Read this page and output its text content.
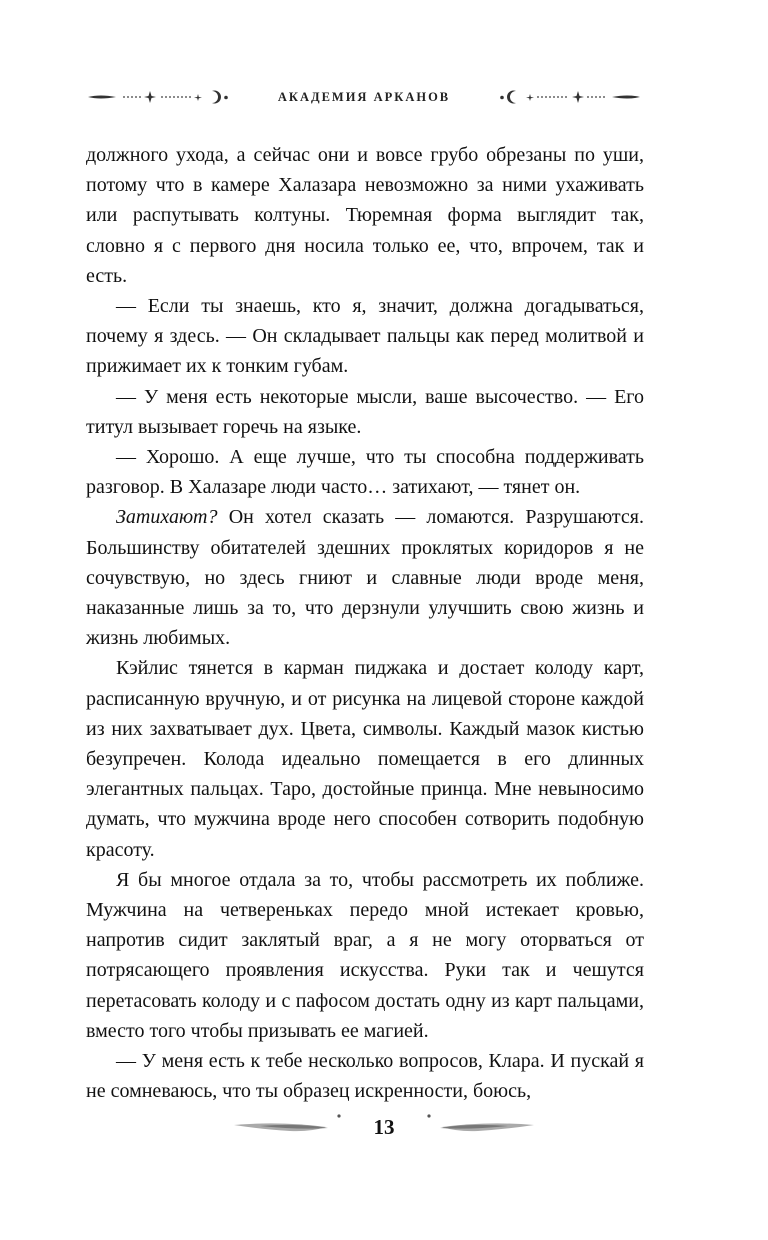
АКАДЕМИЯ АРКАНОВ

должного ухода, а сейчас они и вовсе грубо обрезаны по уши, потому что в камере Халазара невозможно за ними ухаживать или распутывать колтуны. Тюремная форма выглядит так, словно я с первого дня носила только ее, что, впрочем, так и есть.

— Если ты знаешь, кто я, значит, должна догадываться, почему я здесь. — Он складывает пальцы как перед молитвой и прижимает их к тонким губам.

— У меня есть некоторые мысли, ваше высочество. — Его титул вызывает горечь на языке.

— Хорошо. А еще лучше, что ты способна поддерживать разговор. В Халазаре люди часто… затихают, — тянет он.

Затихают? Он хотел сказать — ломаются. Разрушаются. Большинству обитателей здешних проклятых коридоров я не сочувствую, но здесь гниют и славные люди вроде меня, наказанные лишь за то, что дерзнули улучшить свою жизнь и жизнь любимых.

Кэйлис тянется в карман пиджака и достает колоду карт, расписанную вручную, и от рисунка на лицевой стороне каждой из них захватывает дух. Цвета, символы. Каждый мазок кистью безупречен. Колода идеально помещается в его длинных элегантных пальцах. Таро, достойные принца. Мне невыносимо думать, что мужчина вроде него способен сотворить подобную красоту.

Я бы многое отдала за то, чтобы рассмотреть их поближе. Мужчина на четвереньках передо мной истекает кровью, напротив сидит заклятый враг, а я не могу оторваться от потрясающего проявления искусства. Руки так и чешутся перетасовать колоду и с пафосом достать одну из карт пальцами, вместо того чтобы призывать ее магией.

— У меня есть к тебе несколько вопросов, Клара. И пускай я не сомневаюсь, что ты образец искренности, боюсь,

13
